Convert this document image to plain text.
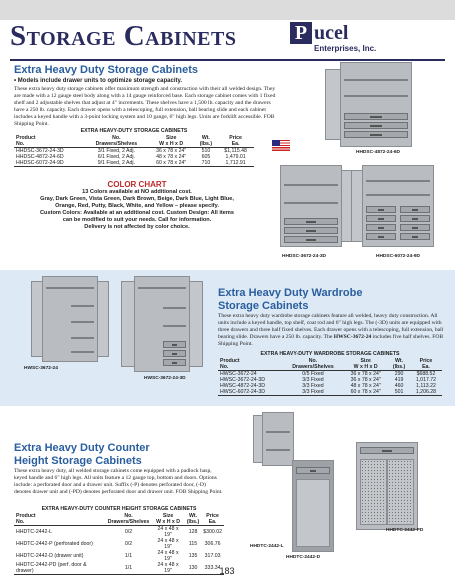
Storage Cabinets	P ucel
Enterprises, Inc.
Extra Heavy Duty Storage Cabinets
• Models include drawer units to optimize storage capacity.
These extra heavy duty storage cabinets offer maximum strength and construction with their all welded design. They are made with a 12 gauge steel body along with a 14 gauge reinforced base. Each storage cabinet comes with 1 fixed shelf and 2 adjustable shelves that adjust at 4" increments. These shelves have a 1,500 lb. capacity and the drawers have a 250 lb. capacity. Each drawer opens with a telescoping, full extension, ball bearing slide and each cabinet includes a keyed handle with a 3-point locking system and 10 gauge, 6" high legs. Units are forklift accessible. FOB Shipping Point.
EXTRA HEAVY-DUTY STORAGE CABINETS
Product	No.	Size	Wt.	Price
No.	Drawers/Shelves	W x H x D	(lbs.)	Ea.
HHDSC-3672-24-3D	3/1 Fixed, 2 Adj.	36 x 78 x 24"	510	$1,115.48
HHDSC-4872-24-6D	6/1 Fixed, 2 Adj.	48 x 78 x 24"	605	1,479.01
HHDSC-6072-24-9D	9/1 Fixed, 2 Adj.	60 x 78 x 24"	710	1,712.91
COLOR CHART
13 Colors available at NO additional cost.
Gray, Dark Green, Vista Green, Dark Brown, Beige, Dark Blue, Light Blue,
Orange, Red, Putty, Black, White, and Yellow – please specify.
Custom Colors: Available at an additional cost. Custom Design: All items
can be modified to suit your needs. Call for information.
Delivery is not affected by color choice.
HHDSC-4872-24-6D
HHDSC-3672-24-3D	HHDSC-6072-24-9D
HWSC-3672-24
HWSC-3672-24-3D
Extra Heavy Duty Wardrobe
Storage Cabinets
These extra heavy duty wardrobe storage cabinets feature all welded, heavy duty construction. All units include a keyed handle, top shelf, coat rod and 6" high legs. The (-3D) units are equipped with three drawers and three half fixed shelves. Each drawer opens with a telescoping, full extension, ball bearing slide. Drawers have a 250 lb. capacity. The HWSC-3672-24 includes five half shelves. FOB Shipping Point.
EXTRA HEAVY-DUTY WARDROBE STORAGE CABINETS
Product	No.	Size	Wt.	Price
No.	Drawers/Shelves	W x H x D	(lbs.)	Ea.
HWSC-3672-24	0/5 Fixed	36 x 78 x 24"	290	$688.52
HWSC-3672-24-3D	3/3 Fixed	36 x 78 x 24"	419	1,017.72
HWSC-4872-24-3D	3/3 Fixed	48 x 78 x 24"	460	1,113.22
HWSC-6072-24-3D	3/3 Fixed	60 x 78 x 24"	501	1,206.28
Extra Heavy Duty Counter
Height Storage Cabinets
These extra heavy duty, all welded storage cabinets come equipped with a padlock hasp, keyed handle and 6" high legs. All units feature a 12 gauge top, bottom and doors. Options include: a perforated door and a drawer unit. Suffix (-P) denotes perforated door, (-D) denotes drawer unit and (-PD) denotes perforated door and drawer unit. FOB Shipping Point.
EXTRA HEAVY-DUTY COUNTER HEIGHT STORAGE CABINETS
Product	No.	Size	Wt.	Price
No.	Drawers/Shelves	W x H x D	(lbs.)	Ea.
HHDTC-2442-L	0/2	24 x 48 x 19"	128	$300.02
HHDTC-2442-P (perforated door)	0/2	24 x 48 x 19"	115	306.76
HHDTC-2442-D (drawer unit)	1/1	24 x 48 x 19"	135	317.03
HHDTC-2442-PD (perf. door & drawer)	1/1	24 x 48 x 19"	130	333.34
HHDTC-2442-L
HHDTC-2442-D
HHDTC-2442-PD
183
